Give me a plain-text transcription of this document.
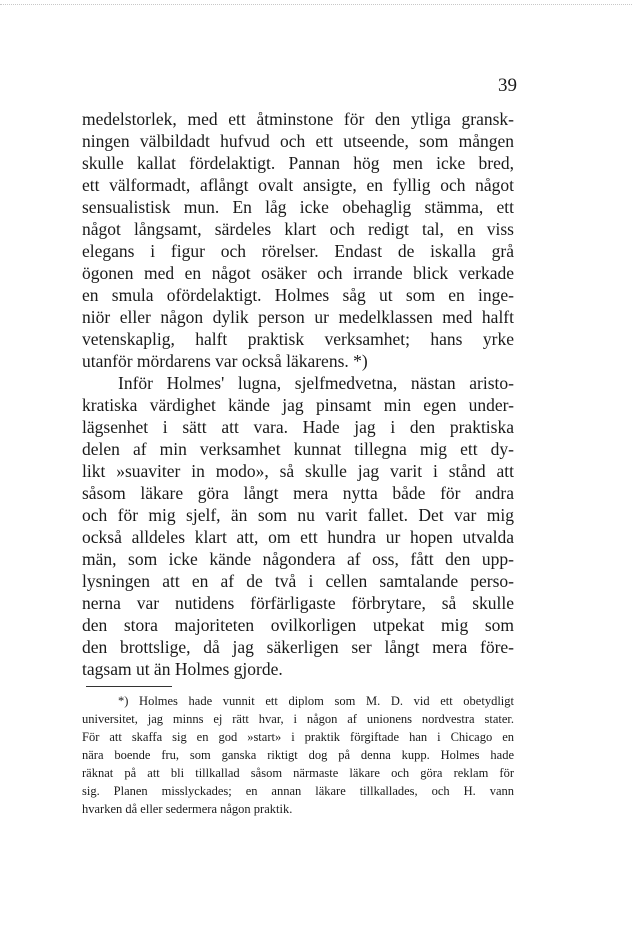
39
medelstorlek, med ett åtminstone för den ytliga gransk-
ningen välbildadt hufvud och ett utseende, som mången
skulle kallat fördelaktigt. Pannan hög men icke bred,
ett välformadt, aflångt ovalt ansigte, en fyllig och något
sensualistisk mun. En låg icke obehaglig stämma, ett
något långsamt, särdeles klart och redigt tal, en viss
elegans i figur och rörelser. Endast de iskalla grå
ögonen med en något osäker och irrande blick verkade
en smula ofördelaktigt. Holmes såg ut som en inge-
niör eller någon dylik person ur medelklassen med halft
vetenskaplig, halft praktisk verksamhet; hans yrke
utanför mördarens var också läkarens. *)
Inför Holmes' lugna, sjelfmedvetna, nästan aristo-
kratiska värdighet kände jag pinsamt min egen under-
lägsenhet i sätt att vara. Hade jag i den praktiska
delen af min verksamhet kunnat tillegna mig ett dy-
likt »suaviter in modo», så skulle jag varit i stånd att
såsom läkare göra långt mera nytta både för andra
och för mig sjelf, än som nu varit fallet. Det var mig
också alldeles klart att, om ett hundra ur hopen utvalda
män, som icke kände någondera af oss, fått den upp-
lysningen att en af de två i cellen samtalande perso-
nerna var nutidens förfärligaste förbrytare, så skulle
den stora majoriteten ovilkorligen utpekat mig som
den brottslige, då jag säkerligen ser långt mera före-
tagsam ut än Holmes gjorde.
*) Holmes hade vunnit ett diplom som M. D. vid ett obetydligt
universitet, jag minns ej rätt hvar, i någon af unionens nordvestra stater.
För att skaffa sig en god »start» i praktik förgiftade han i Chicago en
nära boende fru, som ganska riktigt dog på denna kupp. Holmes hade
räknat på att bli tillkallad såsom närmaste läkare och göra reklam för
sig. Planen misslyckades; en annan läkare tillkallades, och H. vann
hvarken då eller sedermera någon praktik.
